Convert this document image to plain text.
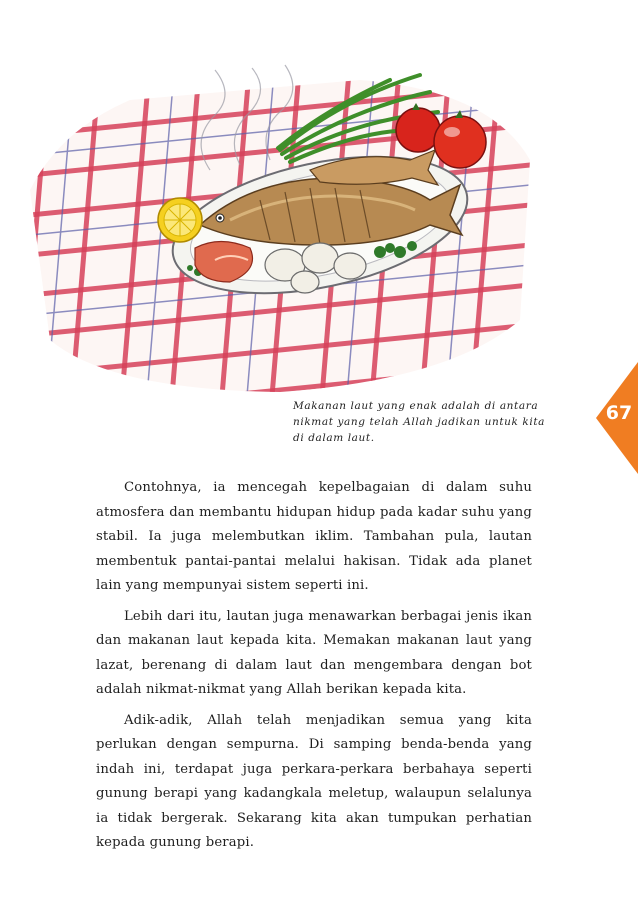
Makanan laut yang enak adalah di antara
nikmat yang telah Allah jadikan untuk kita
di dalam laut.
67

Contohnya, ia mencegah kepelbagaian di dalam suhu atmosfera dan membantu hidupan hidup pada kadar suhu yang stabil. Ia juga melembutkan iklim. Tambahan pula, lautan membentuk pantai-pantai melalui hakisan. Tidak ada planet lain yang mempunyai sistem seperti ini.

Lebih dari itu, lautan juga menawarkan berbagai jenis ikan dan makanan laut kepada kita. Memakan makanan laut yang lazat, berenang di dalam laut dan mengembara dengan bot adalah nikmat-nikmat yang Allah berikan kepada kita.

Adik-adik, Allah telah menjadikan semua yang kita perlukan dengan sempurna. Di samping benda-benda yang indah ini, terdapat juga perkara-perkara berbahaya seperti gunung berapi yang kadangkala meletup, walaupun selalunya ia tidak bergerak. Sekarang kita akan tumpukan perhatian kepada gunung berapi.
